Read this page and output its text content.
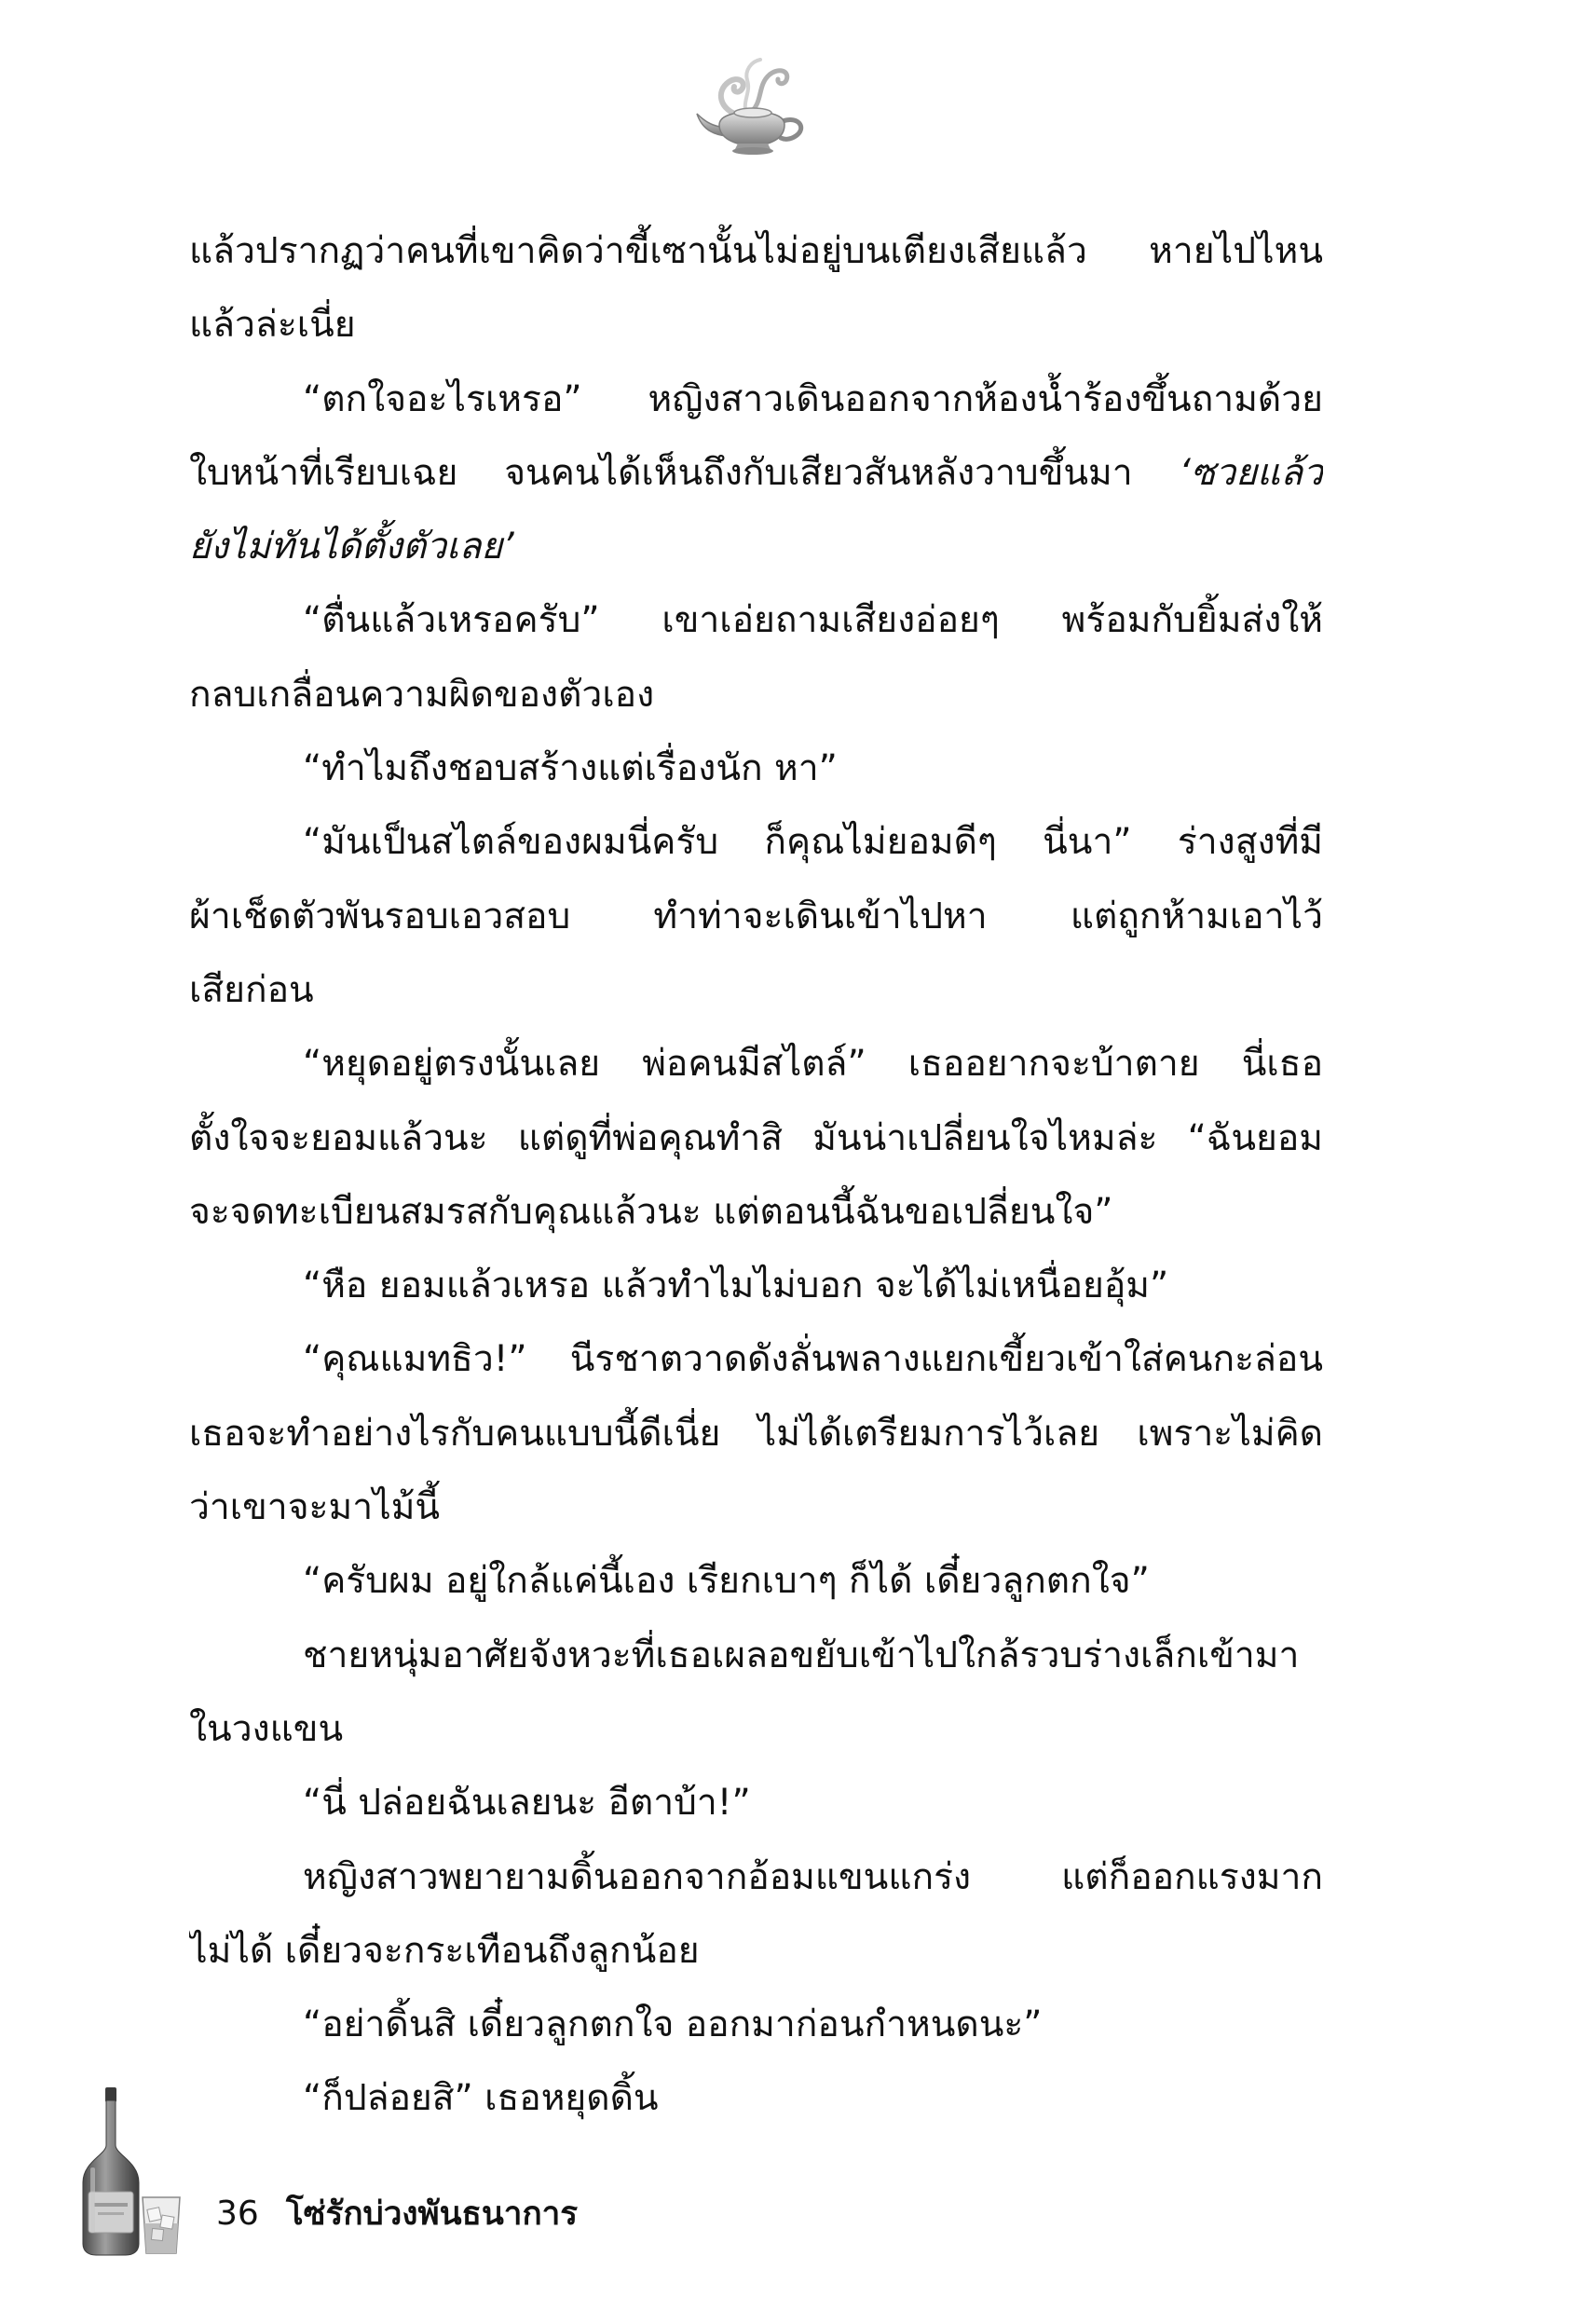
แล้วปรากฏว่าคนที่เขาคิดว่าขี้เซานั้นไม่อยู่บนเตียงเสียแล้ว หายไปไหน
แล้วล่ะเนี่ย
“ตกใจอะไรเหรอ” หญิงสาวเดินออกจากห้องน้ำร้องขึ้นถามด้วย
ใบหน้าที่เรียบเฉย จนคนได้เห็นถึงกับเสียวสันหลังวาบขึ้นมา ‘ซวยแล้ว
ยังไม่ทันได้ตั้งตัวเลย’
“ตื่นแล้วเหรอครับ” เขาเอ่ยถามเสียงอ่อยๆ พร้อมกับยิ้มส่งให้
กลบเกลื่อนความผิดของตัวเอง
“ทำไมถึงชอบสร้างแต่เรื่องนัก หา”
“มันเป็นสไตล์ของผมนี่ครับ ก็คุณไม่ยอมดีๆ นี่นา” ร่างสูงที่มี
ผ้าเช็ดตัวพันรอบเอวสอบ ทำท่าจะเดินเข้าไปหา แต่ถูกห้ามเอาไว้
เสียก่อน
“หยุดอยู่ตรงนั้นเลย พ่อคนมีสไตล์” เธออยากจะบ้าตาย นี่เธอ
ตั้งใจจะยอมแล้วนะ แต่ดูที่พ่อคุณทำสิ มันน่าเปลี่ยนใจไหมล่ะ “ฉันยอม
จะจดทะเบียนสมรสกับคุณแล้วนะ แต่ตอนนี้ฉันขอเปลี่ยนใจ”
“หือ ยอมแล้วเหรอ แล้วทำไมไม่บอก จะได้ไม่เหนื่อยอุ้ม”
“คุณแมทธิว!” นีรชาตวาดดังลั่นพลางแยกเขี้ยวเข้าใส่คนกะล่อน
เธอจะทำอย่างไรกับคนแบบนี้ดีเนี่ย ไม่ได้เตรียมการไว้เลย เพราะไม่คิด
ว่าเขาจะมาไม้นี้
“ครับผม อยู่ใกล้แค่นี้เอง เรียกเบาๆ ก็ได้ เดี๋ยวลูกตกใจ”
ชายหนุ่มอาศัยจังหวะที่เธอเผลอขยับเข้าไปใกล้รวบร่างเล็กเข้ามา
ในวงแขน
“นี่ ปล่อยฉันเลยนะ อีตาบ้า!”
หญิงสาวพยายามดิ้นออกจากอ้อมแขนแกร่ง แต่ก็ออกแรงมาก
ไม่ได้ เดี๋ยวจะกระเทือนถึงลูกน้อย
“อย่าดิ้นสิ เดี๋ยวลูกตกใจ ออกมาก่อนกำหนดนะ”
“ก็ปล่อยสิ” เธอหยุดดิ้น
36 โซ่รักบ่วงพันธนาการ
